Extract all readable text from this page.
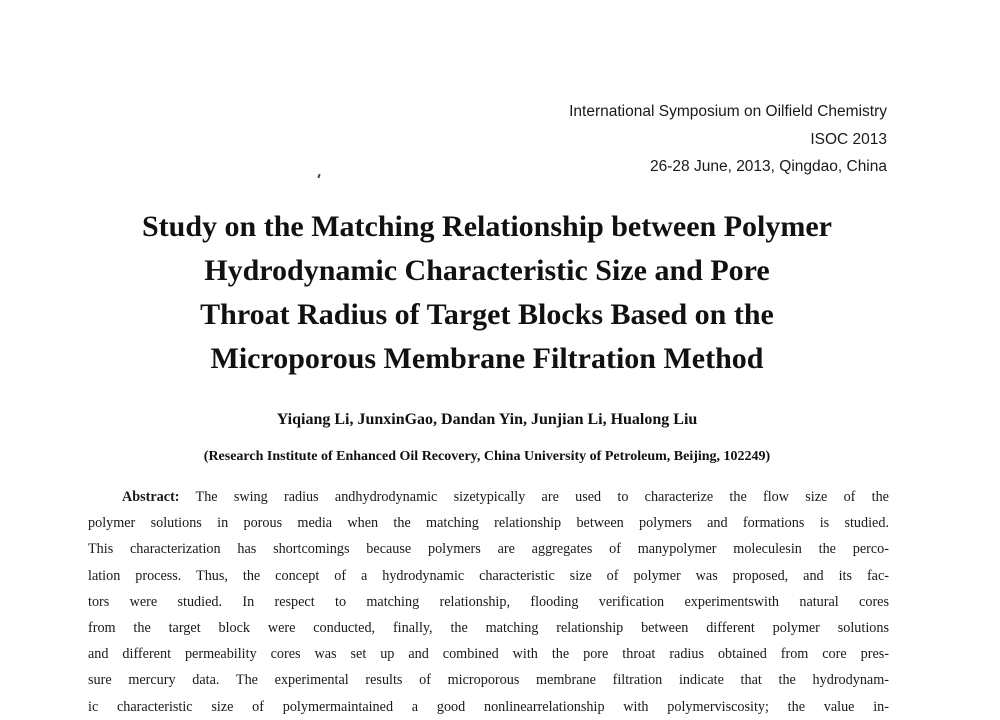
International Symposium on Oilfield Chemistry
ISOC 2013
26-28 June, 2013, Qingdao, China
Study on the Matching Relationship between Polymer
Hydrodynamic Characteristic Size and Pore
Throat Radius of Target Blocks Based on the
Microporous Membrane Filtration Method
Yiqiang Li, JunxinGao, Dandan Yin, Junjian Li, Hualong Liu
(Research Institute of Enhanced Oil Recovery, China University of Petroleum, Beijing, 102249)
Abstract: The swing radius andhydrodynamic sizetypically are used to characterize the flow size of the
polymer solutions in porous media when the matching relationship between polymers and formations is studied.
This characterization has shortcomings because polymers are aggregates of manypolymer moleculesin the perco-
lation process. Thus, the concept of a hydrodynamic characteristic size of polymer was proposed, and its fac-
tors were studied. In respect to matching relationship, flooding verification experimentswith natural cores
from the target block were conducted, finally, the matching relationship between different polymer solutions
and different permeability cores was set up and combined with the pore throat radius obtained from core pres-
sure mercury data. The experimental results of microporous membrane filtration indicate that the hydrodynam-
ic characteristic size of polymermaintained a good nonlinearrelationship with polymerviscosity; the value in-
